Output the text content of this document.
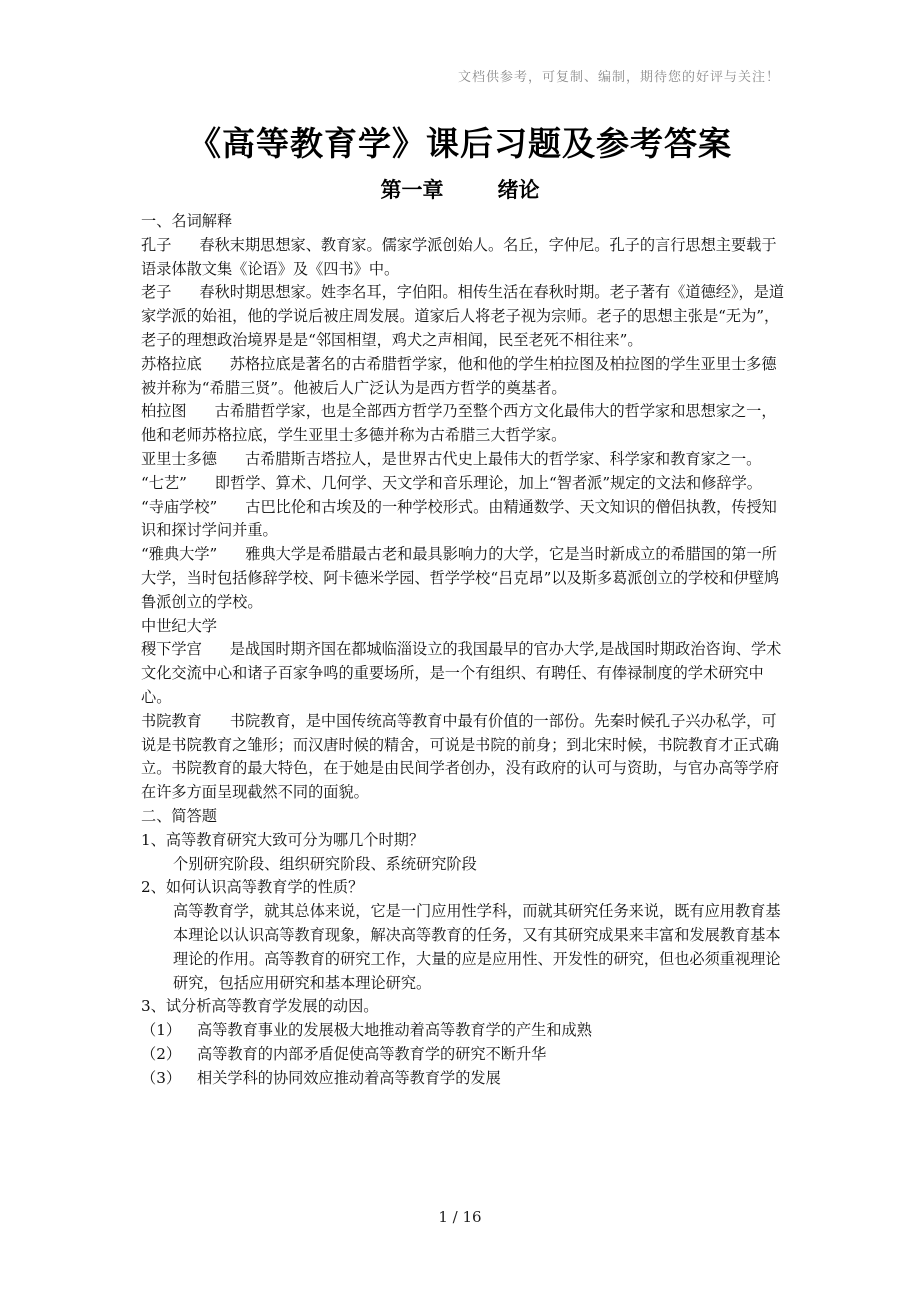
文档供参考，可复制、编制，期待您的好评与关注！
《高等教育学》课后习题及参考答案
第一章	绪论

一、名词解释

孔子 春秋末期思想家、教育家。儒家学派创始人。名丘，字仲尼。孔子的言行思想主要载于语录体散文集《论语》及《四书》中。

老子 春秋时期思想家。姓李名耳，字伯阳。相传生活在春秋时期。老子著有《道德经》，是道家学派的始祖，他的学说后被庄周发展。道家后人将老子视为宗师。老子的思想主张是“无为”，老子的理想政治境界是是“邻国相望，鸡犬之声相闻，民至老死不相往来”。

苏格拉底 苏格拉底是著名的古希腊哲学家，他和他的学生柏拉图及柏拉图的学生亚里士多德被并称为“希腊三贤”。他被后人广泛认为是西方哲学的奠基者。

柏拉图 古希腊哲学家，也是全部西方哲学乃至整个西方文化最伟大的哲学家和思想家之一，他和老师苏格拉底，学生亚里士多德并称为古希腊三大哲学家。

亚里士多德 古希腊斯吉塔拉人，是世界古代史上最伟大的哲学家、科学家和教育家之一。

“七艺” 即哲学、算术、几何学、天文学和音乐理论，加上“智者派”规定的文法和修辞学。

“寺庙学校” 古巴比伦和古埃及的一种学校形式。由精通数学、天文知识的僧侣执教，传授知识和探讨学问并重。

“雅典大学” 雅典大学是希腊最古老和最具影响力的大学，它是当时新成立的希腊国的第一所大学，当时包括修辞学校、阿卡德米学园、哲学学校“吕克昂”以及斯多葛派创立的学校和伊壁鸠鲁派创立的学校。

中世纪大学

稷下学宫 是战国时期齐国在都城临淄设立的我国最早的官办大学,是战国时期政治咨询、学术文化交流中心和诸子百家争鸣的重要场所，是一个有组织、有聘任、有俸禄制度的学术研究中心。

书院教育 书院教育，是中国传统高等教育中最有价值的一部份。先秦时候孔子兴办私学，可说是书院教育之雏形；而汉唐时候的精舍，可说是书院的前身；到北宋时候，书院教育才正式确立。书院教育的最大特色，在于她是由民间学者创办，没有政府的认可与资助，与官办高等学府在许多方面呈现截然不同的面貌。

二、简答题

1、高等教育研究大致可分为哪几个时期？

个别研究阶段、组织研究阶段、系统研究阶段

2、如何认识高等教育学的性质？

高等教育学，就其总体来说，它是一门应用性学科，而就其研究任务来说，既有应用教育基本理论以认识高等教育现象，解决高等教育的任务，又有其研究成果来丰富和发展教育基本理论的作用。高等教育的研究工作，大量的应是应用性、开发性的研究，但也必须重视理论研究，包括应用研究和基本理论研究。

3、试分析高等教育学发展的动因。

（1）	高等教育事业的发展极大地推动着高等教育学的产生和成熟

（2）	高等教育的内部矛盾促使高等教育学的研究不断升华

（3）	相关学科的协同效应推动着高等教育学的发展

1 / 16
